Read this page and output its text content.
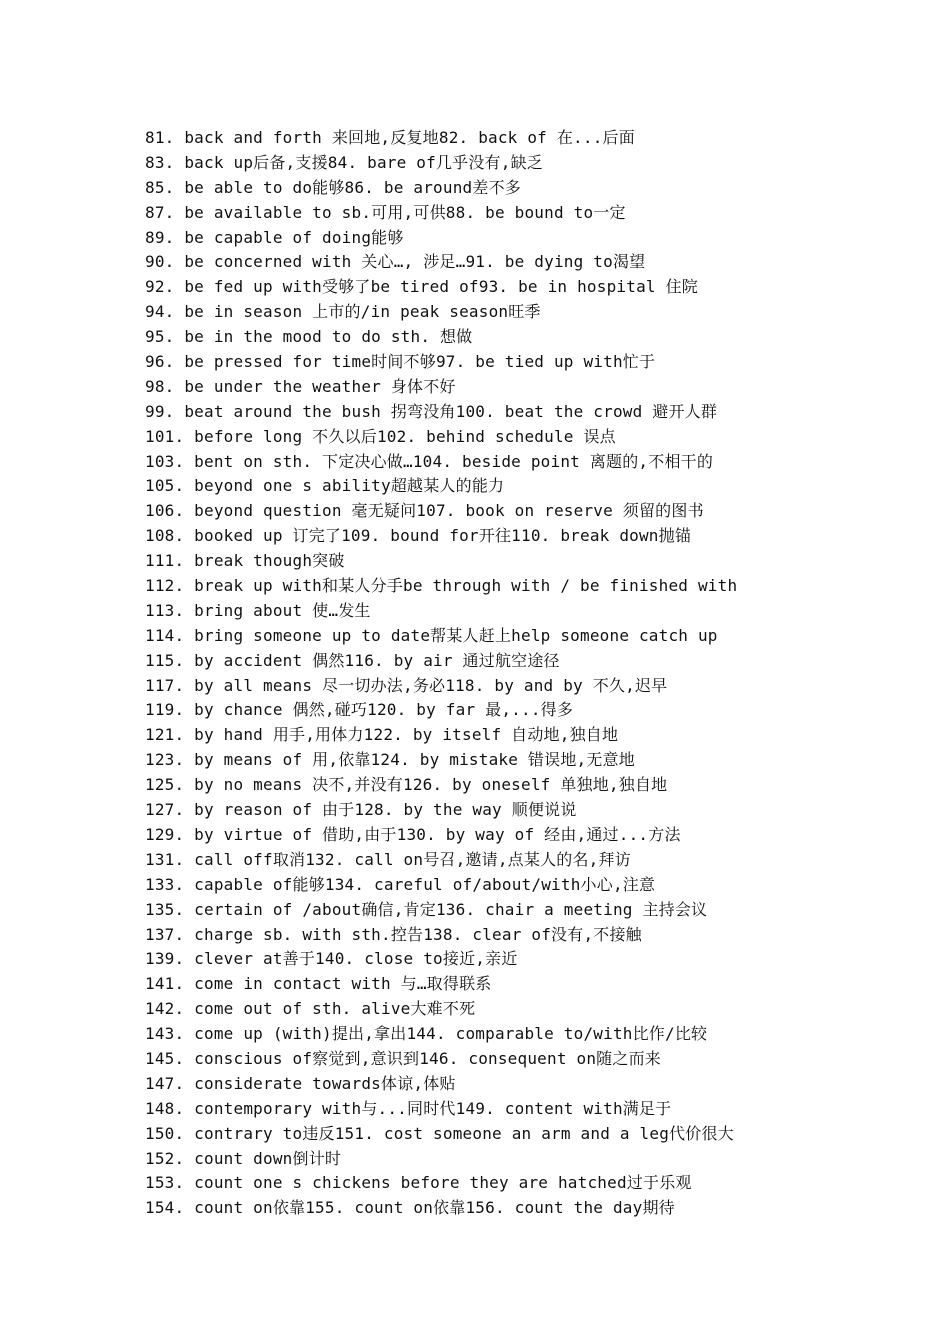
81. back and forth 来回地,反复地82. back of 在...后面
83. back up后备,支援84. bare of几乎没有,缺乏
85. be able to do能够86. be around差不多
87. be available to sb.可用,可供88. be bound to一定
89. be capable of doing能够
90. be concerned with 关心…, 涉足…91. be dying to渴望
92. be fed up with受够了be tired of93. be in hospital 住院
94. be in season 上市的/in peak season旺季
95. be in the mood to do sth. 想做
96. be pressed for time时间不够97. be tied up with忙于
98. be under the weather 身体不好
99. beat around the bush 拐弯没角100. beat the crowd 避开人群
101. before long 不久以后102. behind schedule 误点
103. bent on sth. 下定决心做…104. beside point 离题的,不相干的
105. beyond one s ability超越某人的能力
106. beyond question 毫无疑问107. book on reserve 须留的图书
108. booked up 订完了109. bound for开往110. break down抛锚
111. break though突破
112. break up with和某人分手be through with / be finished with
113. bring about 使…发生
114. bring someone up to date帮某人赶上help someone catch up
115. by accident 偶然116. by air 通过航空途径
117. by all means 尽一切办法,务必118. by and by 不久,迟早
119. by chance 偶然,碰巧120. by far 最,...得多
121. by hand 用手,用体力122. by itself 自动地,独自地
123. by means of 用,依靠124. by mistake 错误地,无意地
125. by no means 决不,并没有126. by oneself 单独地,独自地
127. by reason of 由于128. by the way 顺便说说
129. by virtue of 借助,由于130. by way of 经由,通过...方法
131. call off取消132. call on号召,邀请,点某人的名,拜访
133. capable of能够134. careful of/about/with小心,注意
135. certain of /about确信,肯定136. chair a meeting 主持会议
137. charge sb. with sth.控告138. clear of没有,不接触
139. clever at善于140. close to接近,亲近
141. come in contact with 与…取得联系
142. come out of sth. alive大难不死
143. come up (with)提出,拿出144. comparable to/with比作/比较
145. conscious of察觉到,意识到146. consequent on随之而来
147. considerate towards体谅,体贴
148. contemporary with与...同时代149. content with满足于
150. contrary to违反151. cost someone an arm and a leg代价很大
152. count down倒计时
153. count one s chickens before they are hatched过于乐观
154. count on依靠155. count on依靠156. count the day期待
